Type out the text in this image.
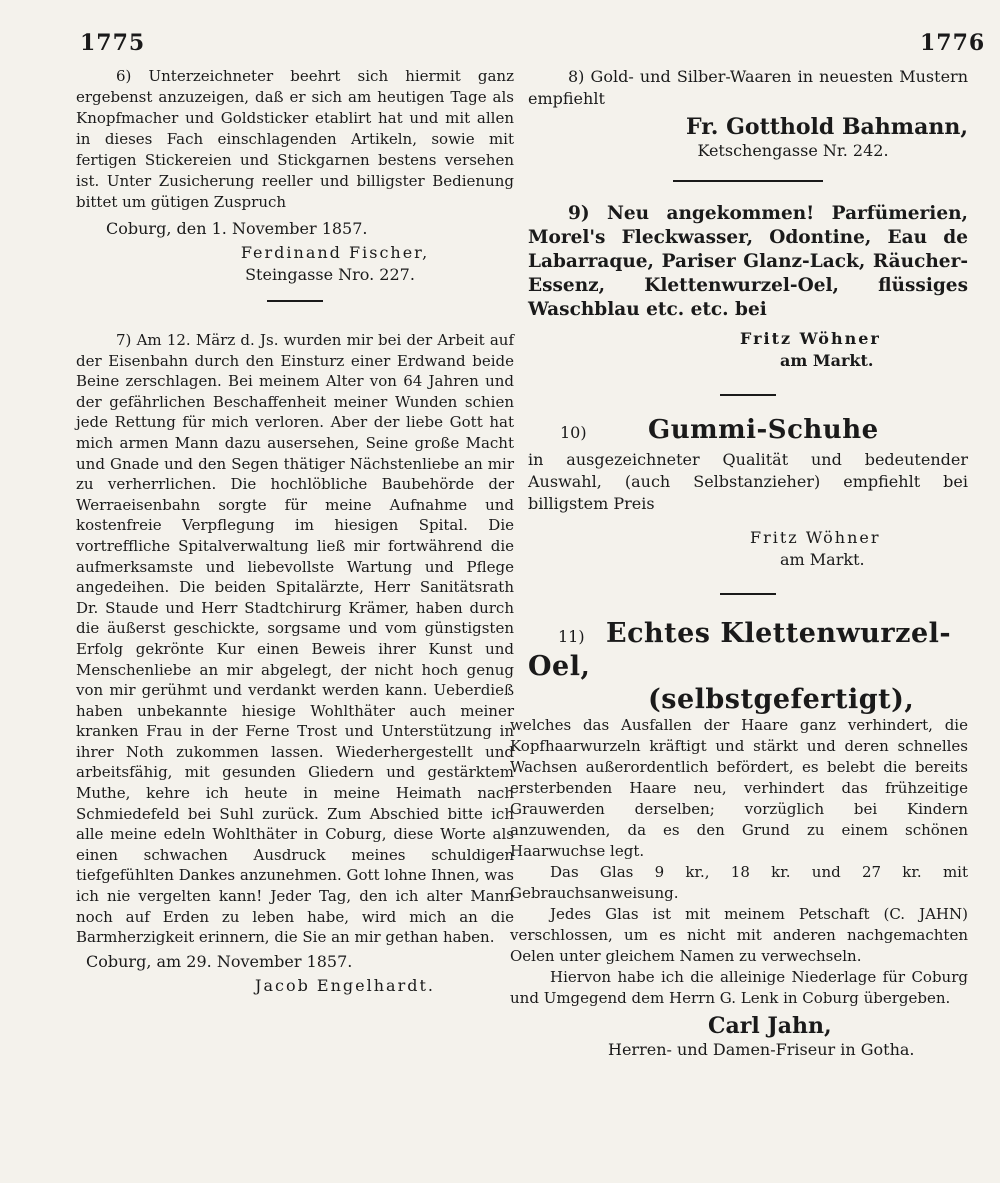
1775	1776

6) Unterzeichneter beehrt sich hiermit ganz ergebenst anzuzeigen, daß er sich am heutigen Tage als Knopfmacher und Goldsticker etablirt hat und mit allen in dieses Fach einschlagenden Artikeln, sowie mit fertigen Stickereien und Stickgarnen bestens versehen ist. Unter Zusicherung reeller und billigster Bedienung bittet um gütigen Zuspruch

Coburg, den 1. November 1857.

Ferdinand Fischer,

Steingasse Nro. 227.

7) Am 12. März d. Js. wurden mir bei der Arbeit auf der Eisenbahn durch den Einsturz einer Erdwand beide Beine zerschlagen. Bei meinem Alter von 64 Jahren und der gefährlichen Beschaffenheit meiner Wunden schien jede Rettung für mich verloren. Aber der liebe Gott hat mich armen Mann dazu ausersehen, Seine große Macht und Gnade und den Segen thätiger Nächstenliebe an mir zu verherrlichen. Die hochlöbliche Baubehörde der Werraeisenbahn sorgte für meine Aufnahme und kostenfreie Verpflegung im hiesigen Spital. Die vortreffliche Spitalverwaltung ließ mir fortwährend die aufmerksamste und liebevollste Wartung und Pflege angedeihen. Die beiden Spitalärzte, Herr Sanitätsrath Dr. Staude und Herr Stadtchirurg Krämer, haben durch die äußerst geschickte, sorgsame und vom günstigsten Erfolg gekrönte Kur einen Beweis ihrer Kunst und Menschenliebe an mir abgelegt, der nicht hoch genug von mir gerühmt und verdankt werden kann. Ueberdieß haben unbekannte hiesige Wohlthäter auch meiner kranken Frau in der Ferne Trost und Unterstützung in ihrer Noth zukommen lassen. Wiederhergestellt und arbeitsfähig, mit gesunden Gliedern und gestärktem Muthe, kehre ich heute in meine Heimath nach Schmiedefeld bei Suhl zurück. Zum Abschied bitte ich alle meine edeln Wohlthäter in Coburg, diese Worte als einen schwachen Ausdruck meines schuldigen tiefgefühlten Dankes anzunehmen. Gott lohne Ihnen, was ich nie vergelten kann! Jeder Tag, den ich alter Mann noch auf Erden zu leben habe, wird mich an die Barmherzigkeit erinnern, die Sie an mir gethan haben.

Coburg, am 29. November 1857.

Jacob Engelhardt.

8) Gold- und Silber-Waaren in neuesten Mustern empfiehlt

Fr. Gotthold Bahmann,

Ketschengasse Nr. 242.

9) Neu angekommen! Parfümerien, Morel's Fleckwasser, Odontine, Eau de Labarraque, Pariser Glanz-Lack, Räucher-Essenz, Klettenwurzel-Oel, flüssiges Waschblau etc. etc. bei

Fritz Wöhner

am Markt.

10) Gummi-Schuhe

in ausgezeichneter Qualität und bedeutender Auswahl, (auch Selbstanzieher) empfiehlt bei billigstem Preis

Fritz Wöhner

am Markt.

11) Echtes Klettenwurzel-Oel,

(selbstgefertigt),

welches das Ausfallen der Haare ganz verhindert, die Kopfhaarwurzeln kräftigt und stärkt und deren schnelles Wachsen außerordentlich befördert, es belebt die bereits ersterbenden Haare neu, verhindert das frühzeitige Grauwerden derselben; vorzüglich bei Kindern anzuwenden, da es den Grund zu einem schönen Haarwuchse legt.

Das Glas 9 kr., 18 kr. und 27 kr. mit Gebrauchsanweisung.

Jedes Glas ist mit meinem Petschaft (C. JAHN) verschlossen, um es nicht mit anderen nachgemachten Oelen unter gleichem Namen zu verwechseln.

Hiervon habe ich die alleinige Niederlage für Coburg und Umgegend dem Herrn G. Lenk in Coburg übergeben.

Carl Jahn,

Herren- und Damen-Friseur in Gotha.
